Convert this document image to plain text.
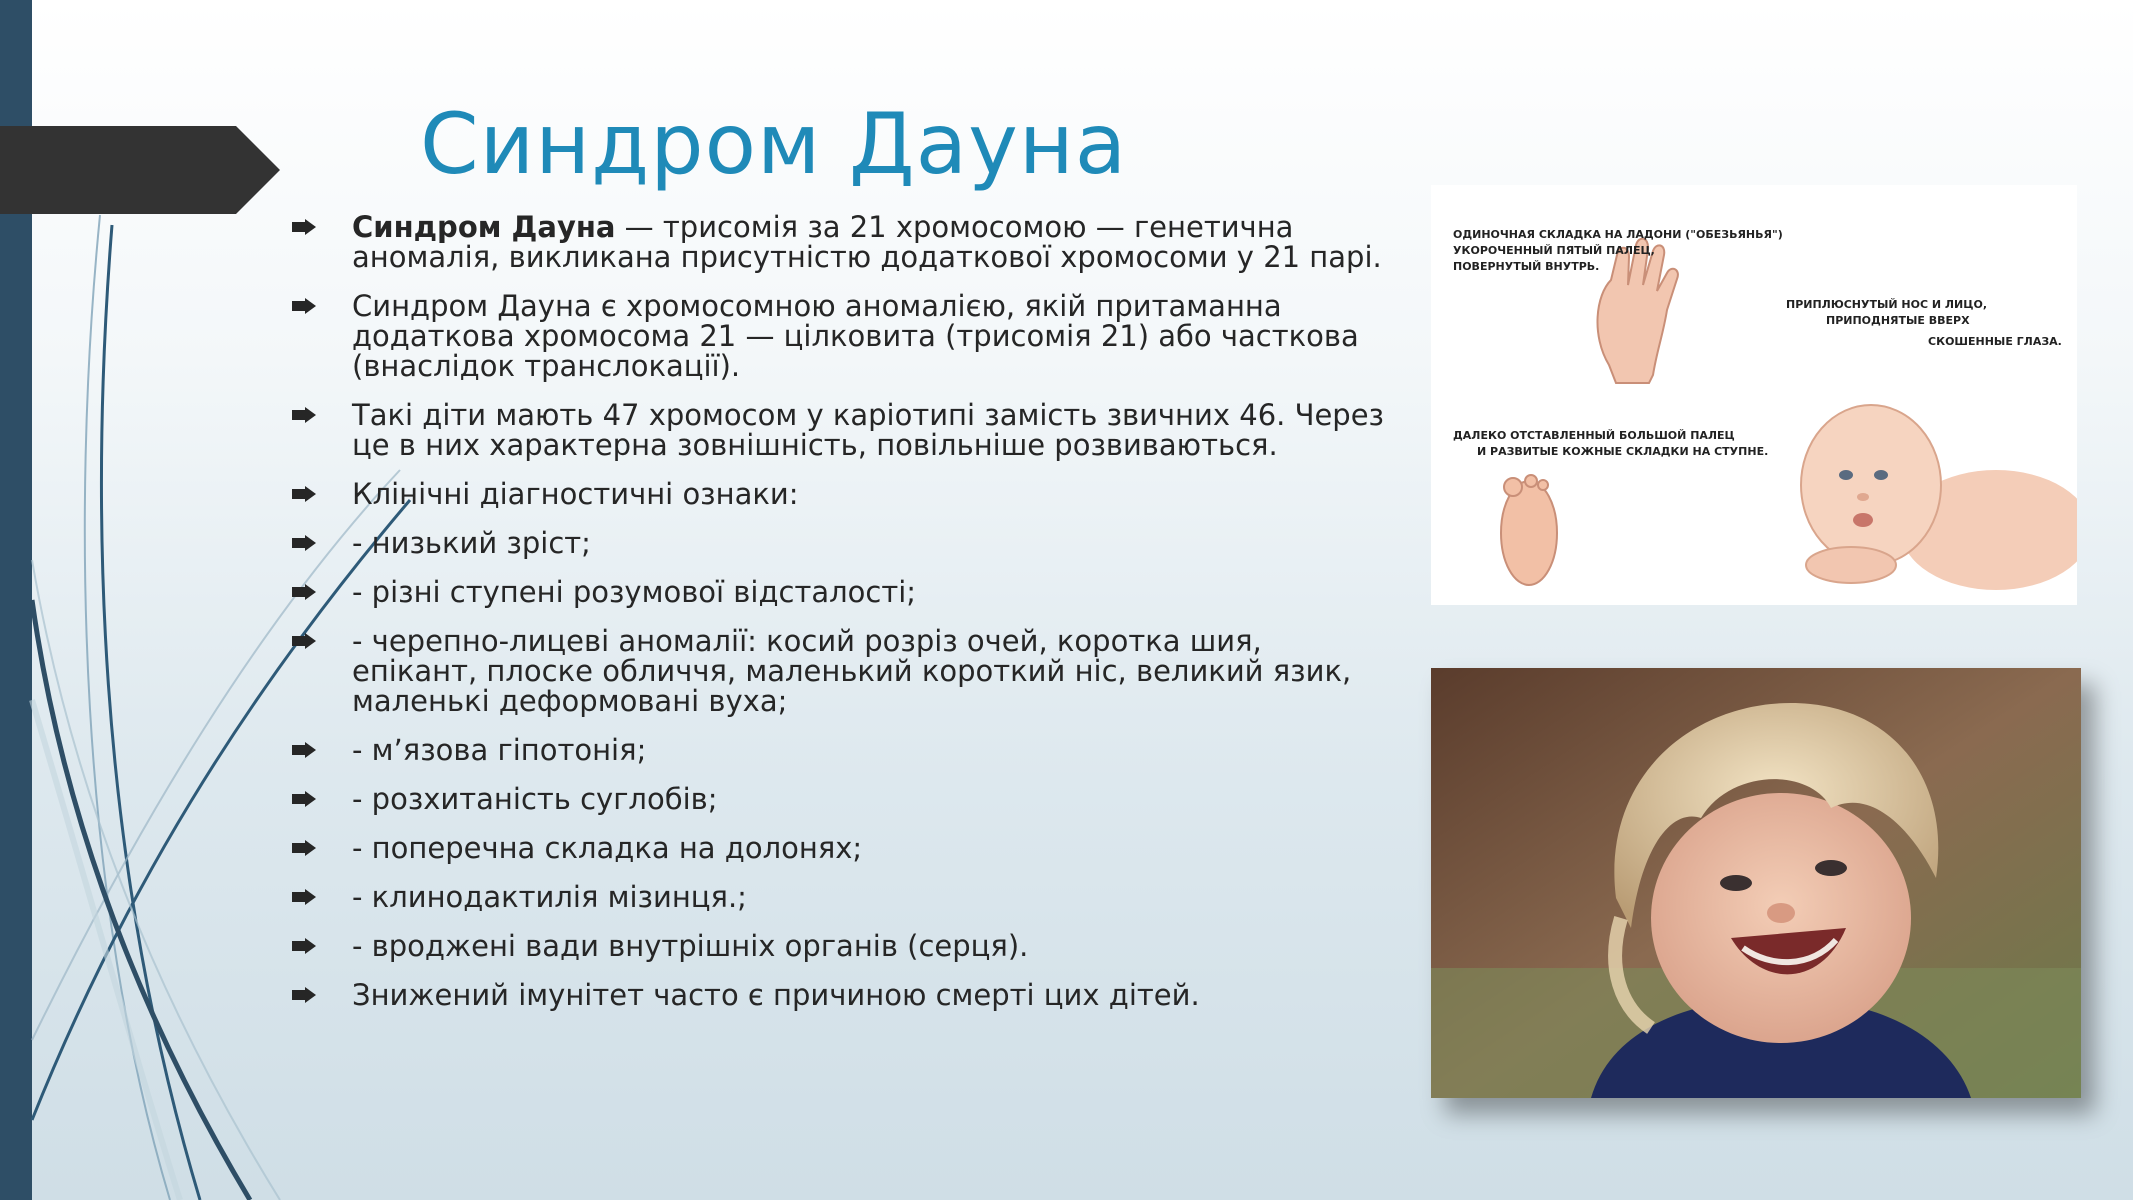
Синдром Дауна
Синдром Дауна — трисомія за 21 хромосомою — генетична аномалія, викликана присутністю додаткової хромосоми у 21 парі.
Синдром Дауна є хромосомною аномалією, якій притаманна додаткова хромосома 21 — цілковита (трисомія 21) або часткова (внаслідок транслокації).
Такі діти мають 47 хромосом у каріотипі замість звичних 46. Через це в них характерна зовнішність, повільніше розвиваються.
Клінічні діагностичні ознаки:
- низький зріст;
- різні ступені розумової відсталості;
- черепно-лицеві аномалії: косий розріз очей, коротка шия, епікант, плоске обличчя, маленький короткий ніс, великий язик, маленькі деформовані вуха;
- м’язова гіпотонія;
- розхитаність суглобів;
- поперечна складка на долонях;
- клинодактилія мізинця.;
- вроджені вади внутрішніх органів (серця).
Знижений імунітет часто є причиною смерті цих дітей.
ОДИНОЧНАЯ СКЛАДКА НА ЛАДОНИ ("ОБЕЗЬЯНЬЯ")
УКОРОЧЕННЫЙ ПЯТЫЙ ПАЛЕЦ,
ПОВЕРНУТЫЙ ВНУТРЬ.
ПРИПЛЮСНУТЫЙ НОС И ЛИЦО,
ПРИПОДНЯТЫЕ ВВЕРХ
СКОШЕННЫЕ ГЛАЗА.
ДАЛЕКО ОТСТАВЛЕННЫЙ БОЛЬШОЙ ПАЛЕЦ
И РАЗВИТЫЕ КОЖНЫЕ СКЛАДКИ НА СТУПНЕ.
